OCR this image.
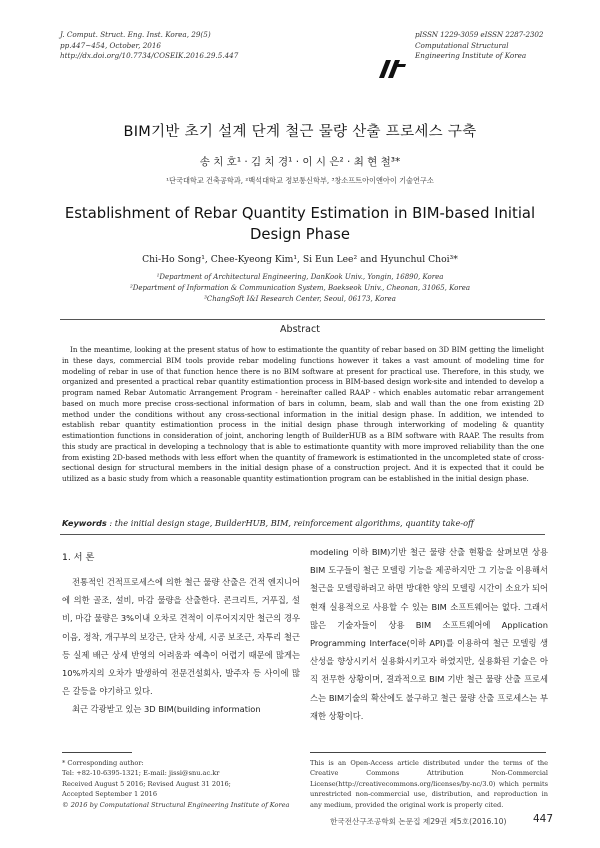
J. Comput. Struct. Eng. Inst. Korea, 29(5)
pp.447~454, October, 2016
http://dx.doi.org/10.7734/COSEIK.2016.29.5.447
pISSN 1229-3059 eISSN 2287-2302
Computational Structural
Engineering Institute of Korea
BIM기반 초기 설계 단계 철근 물량 산출 프로세스 구축
송 치 호¹ · 김 치 경¹ · 이 시 은² · 최 현 철³*
¹단국대학교 건축공학과, ²백석대학교 정보통신학부, ³창소프트아이앤아이 기술연구소
Establishment of Rebar Quantity Estimation in BIM-based Initial Design Phase
Chi-Ho Song¹, Chee-Kyeong Kim¹, Si Eun Lee² and Hyunchul Choi³*
¹Department of Architectural Engineering, DanKook Univ., Yongin, 16890, Korea
²Department of Information & Communication System, Baekseok Univ., Cheonan, 31065, Korea
³ChangSoft I&I Research Center, Seoul, 06173, Korea
Abstract
In the meantime, looking at the present status of how to estimationte the quantity of rebar based on 3D BIM getting the limelight in these days, commercial BIM tools provide rebar modeling functions however it takes a vast amount of modeling time for modeling of rebar in use of that function hence there is no BIM software at present for practical use. Therefore, in this study, we organized and presented a practical rebar quantity estimationtion process in BIM-based design work-site and intended to develop a program named Rebar Automatic Arrangement Program - hereinafter called RAAP - which enables automatic rebar arrangement based on much more precise cross-sectional information of bars in column, beam, slab and wall than the one from existing 2D method under the conditions without any cross-sectional information in the initial design phase. In addition, we intended to establish rebar quantity estimationtion process in the initial design phase through interworking of modeling & quantity estimationtion functions in consideration of joint, anchoring length of BuilderHUB as a BIM software with RAAP. The results from this study are practical in developing a technology that is able to estimationte quantity with more improved reliability than the one from existing 2D-based methods with less effort when the quantity of framework is estimationted in the uncompleted state of cross-sectional design for structural members in the initial design phase of a construction project. And it is expected that it could be utilized as a basic study from which a reasonable quantity estimationtion program can be established in the initial design phase.
Keywords : the initial design stage, BuilderHUB, BIM, reinforcement algorithms, quantity take-off
1. 서 론

전통적인 건적프로세스에 의한 철근 물량 산출은 건적 엔지니어에 의한 골조, 설비, 마감 물량을 산출한다. 콘크리트, 거푸집, 설비, 마감 물량은 3%이내 오차로 견적이 이루어지지만 철근의 경우 이음, 정착, 개구부의 보강근, 단차 상세, 시공 보조근, 자투리 철근 등 실제 배근 상세 반영의 어려움과 예측이 어렵기 때문에 많게는 10%까지의 오차가 발생하여 전문건설회사, 발주자 등 사이에 많은 갈등을 야기하고 있다.

최근 각광받고 있는 3D BIM(building information

modeling 이하 BIM)기반 철근 물량 산출 현황을 살펴보면 상용 BIM 도구들이 철근 모델링 기능을 제공하지만 그 기능을 이용해서 철근을 모델링하려고 하면 방대한 양의 모델링 시간이 소요가 되어 현재 실용적으로 사용할 수 있는 BIM 소프트웨어는 없다. 그래서 많은 기술자들이 상용 BIM 소프트웨어에 Application Programming Interface(이하 API)를 이용하여 철근 모델링 생산성을 향상시키서 실용화시키고자 하였지만, 실용화된 기술은 아직 전무한 상황이며, 결과적으로 BIM 기반 철근 물량 산출 프로세스는 BIM기술의 확산에도 불구하고 철근 물량 산출 프로세스는 부재한 상황이다.

* Corresponding author:
Tel: +82-10-6395-1321; E-mail: jissi@snu.ac.kr
Received August 5 2016; Revised August 31 2016;
Accepted September 1 2016
© 2016 by Computational Structural Engineering Institute of Korea
This is an Open-Access article distributed under the terms of the Creative Commons Attribution Non-Commercial License(http://creativecommons.org/licenses/by-nc/3.0) which permits unrestricted non-commercial use, distribution, and reproduction in any medium, provided the original work is properly cited.
한국전산구조공학회 논문집 제29권 제5호(2016.10)	447
